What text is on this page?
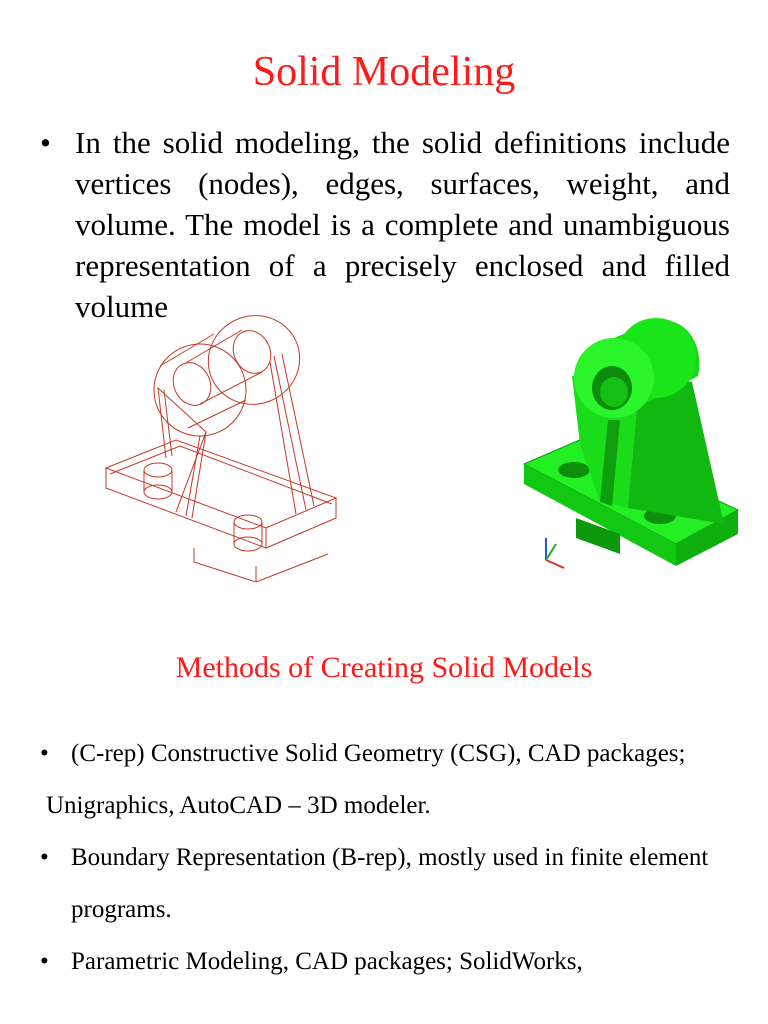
Solid Modeling
• In the solid modeling, the solid definitions include vertices (nodes), edges, surfaces, weight, and volume. The model is a complete and unambiguous representation of a precisely enclosed and filled volume
Methods of Creating Solid Models
• (C-rep) Constructive Solid Geometry (CSG), CAD packages;
Unigraphics, AutoCAD – 3D modeler.
• Boundary Representation (B-rep), mostly used in finite element programs.
• Parametric Modeling, CAD packages; SolidWorks,
